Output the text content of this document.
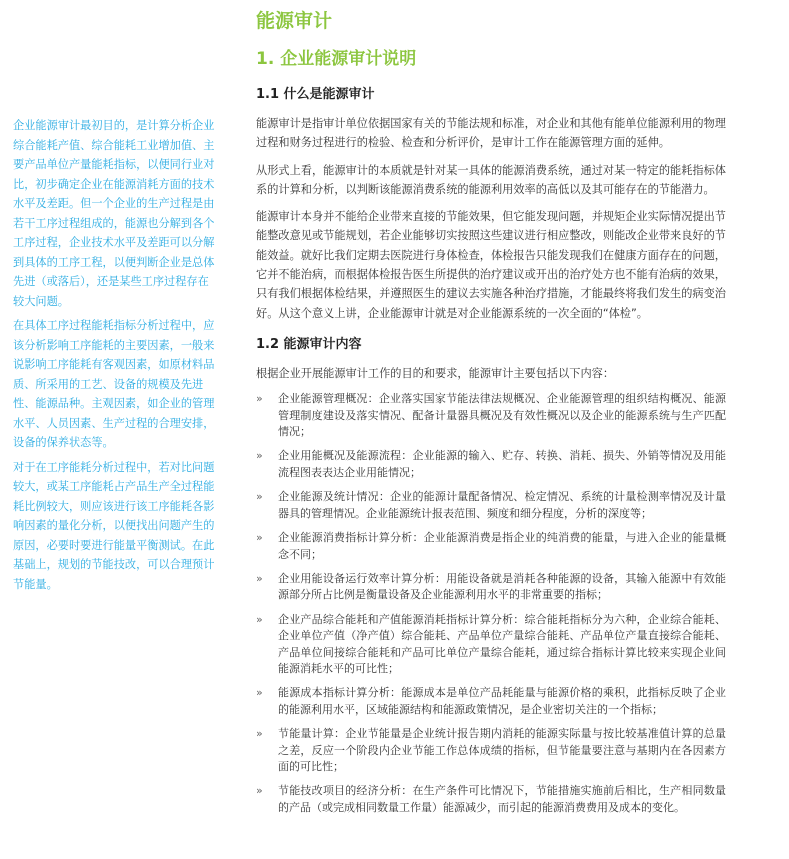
能源审计
1. 企业能源审计说明

企业能源审计最初目的，是计算分析企业综合能耗产值、综合能耗工业增加值、主要产品单位产量能耗指标，以便同行业对比，初步确定企业在能源消耗方面的技术水平及差距。但一个企业的生产过程是由若干工序过程组成的，能源也分解到各个工序过程，企业技术水平及差距可以分解到具体的工序工程，以便判断企业是总体先进（或落后），还是某些工序过程存在较大问题。

在具体工序过程能耗指标分析过程中，应该分析影响工序能耗的主要因素，一般来说影响工序能耗有客观因素，如原材料品质、所采用的工艺、设备的规模及先进性、能源品种。主观因素，如企业的管理水平、人员因素、生产过程的合理安排，设备的保养状态等。

对于在工序能耗分析过程中，若对比问题较大，或某工序能耗占产品生产全过程能耗比例较大，则应该进行该工序能耗各影响因素的量化分析，以便找出问题产生的原因，必要时要进行能量平衡测试。在此基础上，规划的节能技改，可以合理预计节能量。

1.1 什么是能源审计

能源审计是指审计单位依据国家有关的节能法规和标准，对企业和其他有能单位能源利用的物理过程和财务过程进行的检验、检查和分析评价，是审计工作在能源管理方面的延伸。

从形式上看，能源审计的本质就是针对某一具体的能源消费系统，通过对某一特定的能耗指标体系的计算和分析，以判断该能源消费系统的能源利用效率的高低以及其可能存在的节能潜力。

能源审计本身并不能给企业带来直接的节能效果，但它能发现问题，并规矩企业实际情况提出节能整改意见或节能规划，若企业能够切实按照这些建议进行相应整改，则能改企业带来良好的节能效益。就好比我们定期去医院进行身体检查，体检报告只能发现我们在健康方面存在的问题，它并不能治病，而根据体检报告医生所提供的治疗建议或开出的治疗处方也不能有治病的效果，只有我们根据体检结果，并遵照医生的建议去实施各种治疗措施，才能最终将我们发生的病变治好。从这个意义上讲，企业能源审计就是对企业能源系统的一次全面的“体检”。

1.2 能源审计内容

根据企业开展能源审计工作的目的和要求，能源审计主要包括以下内容：

» 企业能源管理概况：企业落实国家节能法律法规概况、企业能源管理的组织结构概况、能源管理制度建设及落实情况、配备计量器具概况及有效性概况以及企业的能源系统与生产匹配情况；
» 企业用能概况及能源流程：企业能源的输入、贮存、转换、消耗、损失、外销等情况及用能流程图表表达企业用能情况；
» 企业能源及统计情况：企业的能源计量配备情况、检定情况、系统的计量检测率情况及计量器具的管理情况。企业能源统计报表范围、频度和细分程度，分析的深度等；
» 企业能源消费指标计算分析：企业能源消费是指企业的纯消费的能量，与进入企业的能量概念不同；
» 企业用能设备运行效率计算分析：用能设备就是消耗各种能源的设备，其输入能源中有效能源部分所占比例是衡量设备及企业能源利用水平的非常重要的指标；
» 企业产品综合能耗和产值能源消耗指标计算分析：综合能耗指标分为六种，企业综合能耗、企业单位产值（净产值）综合能耗、产品单位产量综合能耗、产品单位产量直接综合能耗、产品单位间接综合能耗和产品可比单位产量综合能耗，通过综合指标计算比较来实现企业间能源消耗水平的可比性；
» 能源成本指标计算分析：能源成本是单位产品耗能量与能源价格的乘积，此指标反映了企业的能源利用水平，区域能源结构和能源政策情况，是企业密切关注的一个指标；
» 节能量计算：企业节能量是企业统计报告期内消耗的能源实际量与按比较基准值计算的总量之差，反应一个阶段内企业节能工作总体成绩的指标，但节能量要注意与基期内在各因素方面的可比性；
» 节能技改项目的经济分析：在生产条件可比情况下，节能措施实施前后相比，生产相同数量的产品（或完成相同数量工作量）能源减少，而引起的能源消费费用及成本的变化。
